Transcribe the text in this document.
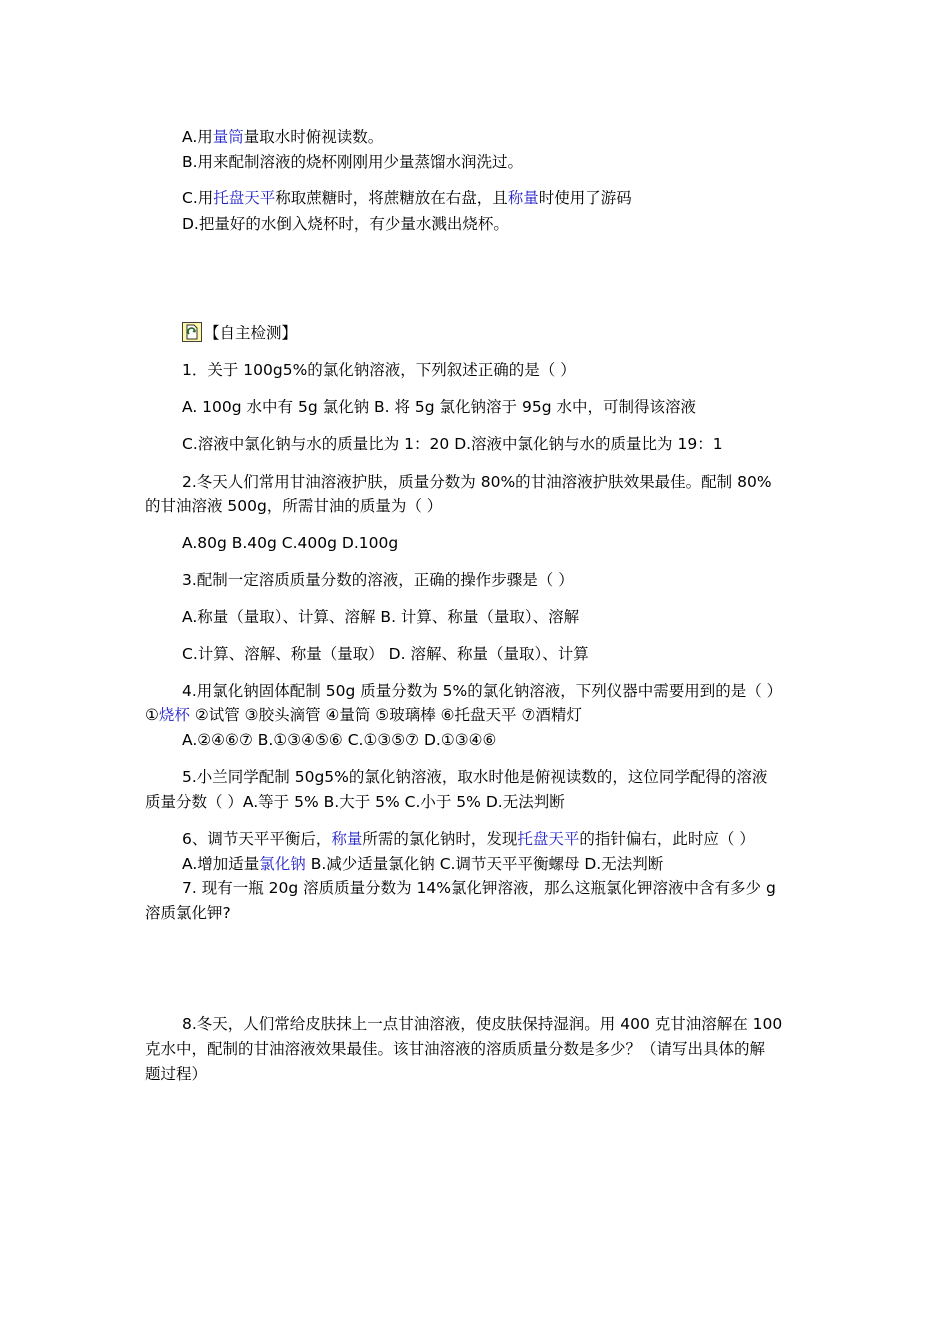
A.用量筒量取水时俯视读数。
B.用来配制溶液的烧杯刚刚用少量蒸馏水润洗过。
C.用托盘天平称取蔗糖时，将蔗糖放在右盘，且称量时使用了游码
D.把量好的水倒入烧杯时，有少量水溅出烧杯。
【自主检测】
1．关于 100g5%的氯化钠溶液，下列叙述正确的是（ ）
A. 100g 水中有 5g 氯化钠 B. 将 5g 氯化钠溶于 95g 水中，可制得该溶液
C.溶液中氯化钠与水的质量比为 1：20 D.溶液中氯化钠与水的质量比为 19：1
2.冬天人们常用甘油溶液护肤，质量分数为 80%的甘油溶液护肤效果最佳。配制 80%
的甘油溶液 500g，所需甘油的质量为（ ）
A.80g B.40g C.400g D.100g
3.配制一定溶质质量分数的溶液，正确的操作步骤是（ ）
A.称量（量取）、计算、溶解 B. 计算、称量（量取）、溶解
C.计算、溶解、称量（量取） D. 溶解、称量（量取）、计算
4.用氯化钠固体配制 50g 质量分数为 5%的氯化钠溶液，下列仪器中需要用到的是（ ）
①烧杯 ②试管 ③胶头滴管 ④量筒 ⑤玻璃棒 ⑥托盘天平 ⑦酒精灯
A.②④⑥⑦ B.①③④⑤⑥ C.①③⑤⑦ D.①③④⑥
5.小兰同学配制 50g5%的氯化钠溶液，取水时他是俯视读数的，这位同学配得的溶液
质量分数（ ）A.等于 5% B.大于 5% C.小于 5% D.无法判断
6、调节天平平衡后，称量所需的氯化钠时，发现托盘天平的指针偏右，此时应（ ）
A.增加适量氯化钠 B.减少适量氯化钠 C.调节天平平衡螺母 D.无法判断
7. 现有一瓶 20g 溶质质量分数为 14%氯化钾溶液，那么这瓶氯化钾溶液中含有多少 g
溶质氯化钾?
8.冬天，人们常给皮肤抹上一点甘油溶液，使皮肤保持湿润。用 400 克甘油溶解在 100
克水中，配制的甘油溶液效果最佳。该甘油溶液的溶质质量分数是多少？（请写出具体的解
题过程）
